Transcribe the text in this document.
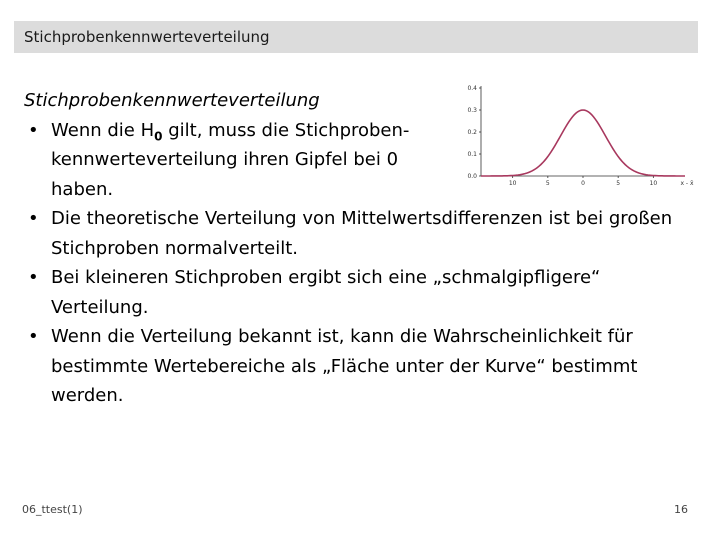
Stichprobenkennwerteverteilung

Stichprobenkennwerteverteilung

• Wenn die $H_0$ gilt, muss die Stichproben-kennwerteverteilung ihren Gipfel bei 0 haben.
• Die theoretische Verteilung von Mittelwertsdifferenzen ist bei großen Stichproben normalverteilt.
• Bei kleineren Stichproben ergibt sich eine „schmalgipfligere“ Verteilung.
• Wenn die Verteilung bekannt ist, kann die Wahrscheinlichkeit für bestimmte Wertebereiche als „Fläche unter der Kurve“ bestimmt werden.
0.4
0.3
0.2
0.1
0.0
10	5	0	5	10	x - x̄
06_ttest(1)	16
